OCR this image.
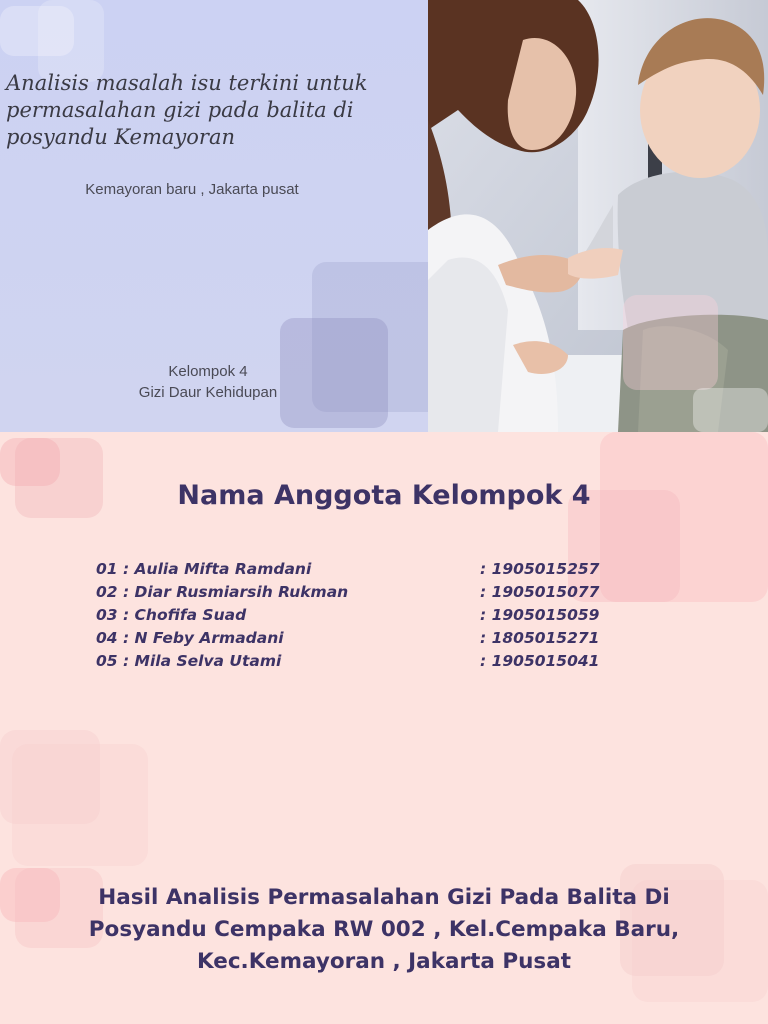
Analisis masalah isu terkini untuk permasalahan gizi pada balita di posyandu Kemayoran
Kemayoran baru , Jakarta pusat
Kelompok 4
Gizi Daur Kehidupan
Nama Anggota Kelompok 4
01 : Aulia Mifta Ramdani	: 1905015257
02 : Diar Rusmiarsih Rukman	: 1905015077
03 : Chofifa Suad	: 1905015059
04 : N Feby Armadani	: 1805015271
05 : Mila Selva Utami	: 1905015041

Hasil Analisis Permasalahan Gizi Pada Balita Di Posyandu Cempaka RW 002 , Kel.Cempaka Baru, Kec.Kemayoran , Jakarta Pusat
